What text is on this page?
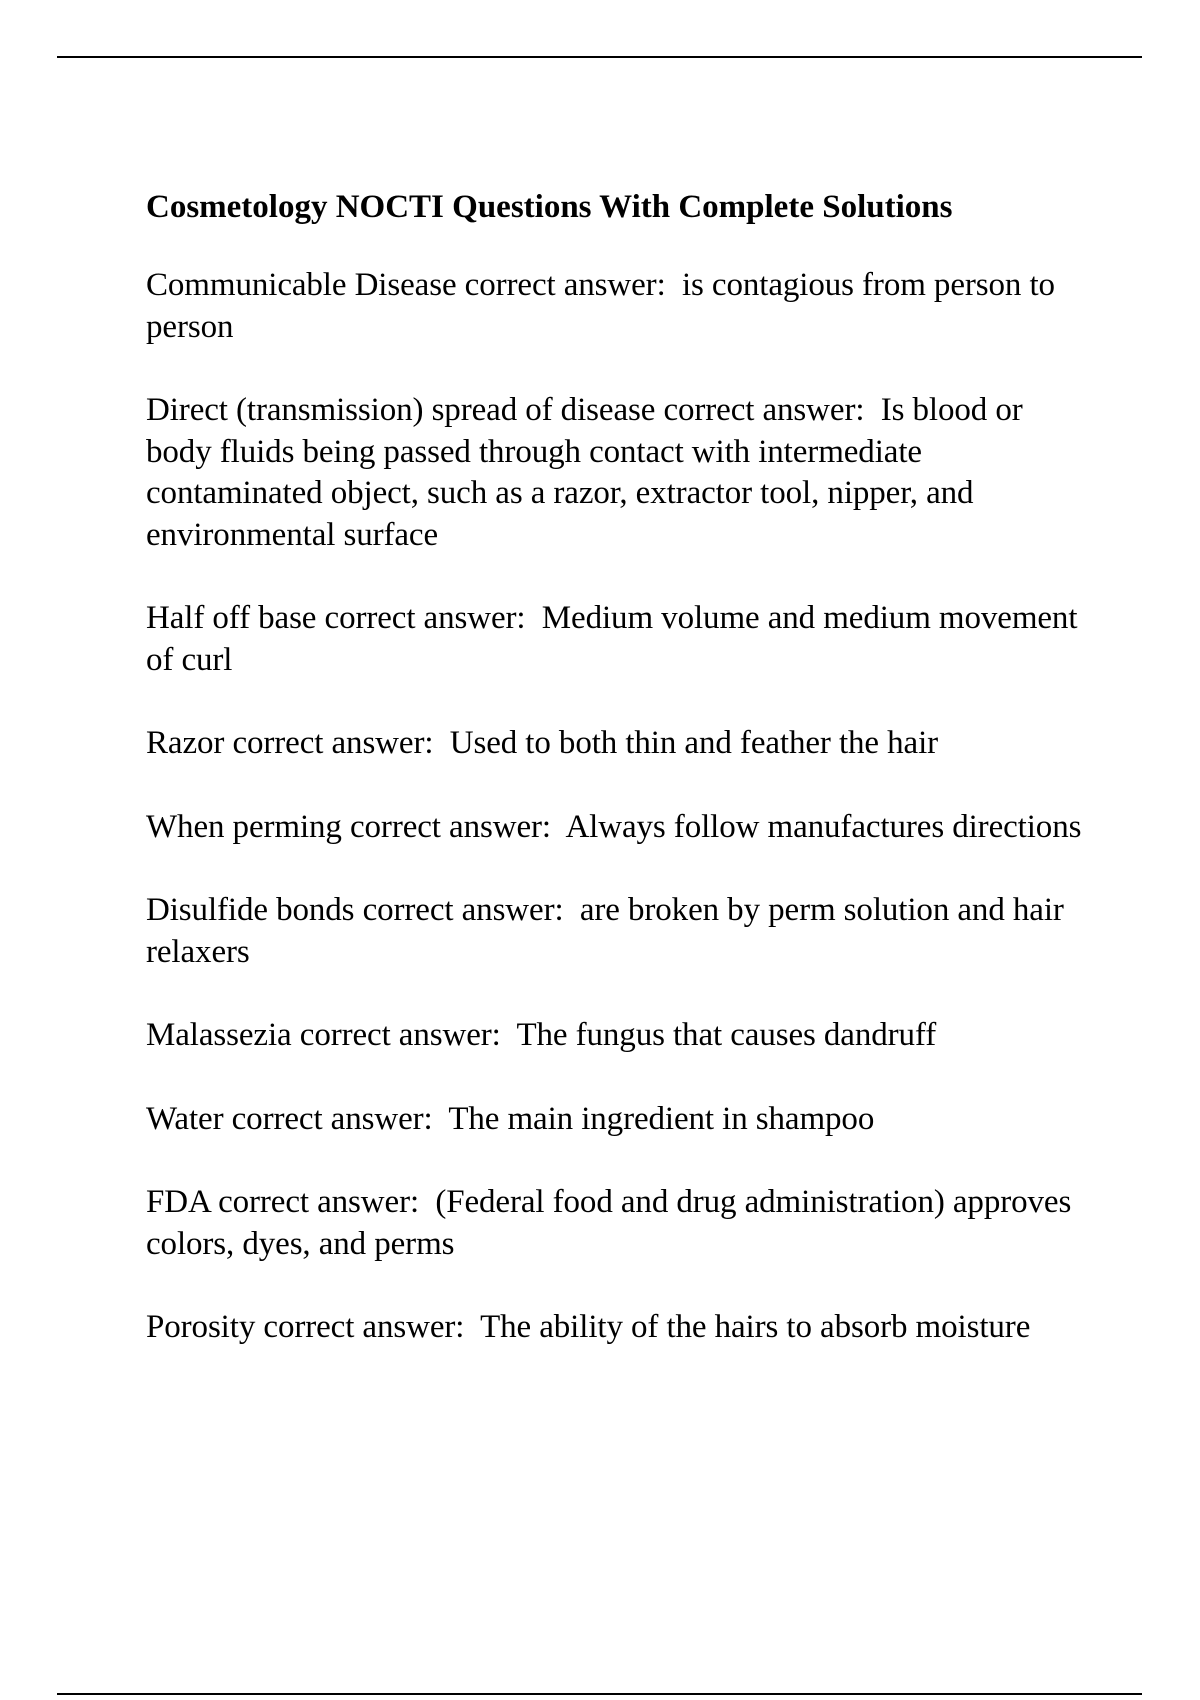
Cosmetology NOCTI Questions With Complete Solutions

Communicable Disease correct answer: is contagious from person to person

Direct (transmission) spread of disease correct answer: Is blood or body fluids being passed through contact with intermediate contaminated object, such as a razor, extractor tool, nipper, and environmental surface

Half off base correct answer: Medium volume and medium movement of curl

Razor correct answer: Used to both thin and feather the hair

When perming correct answer: Always follow manufactures directions

Disulfide bonds correct answer: are broken by perm solution and hair relaxers

Malassezia correct answer: The fungus that causes dandruff

Water correct answer: The main ingredient in shampoo

FDA correct answer: (Federal food and drug administration) approves colors, dyes, and perms

Porosity correct answer: The ability of the hairs to absorb moisture
